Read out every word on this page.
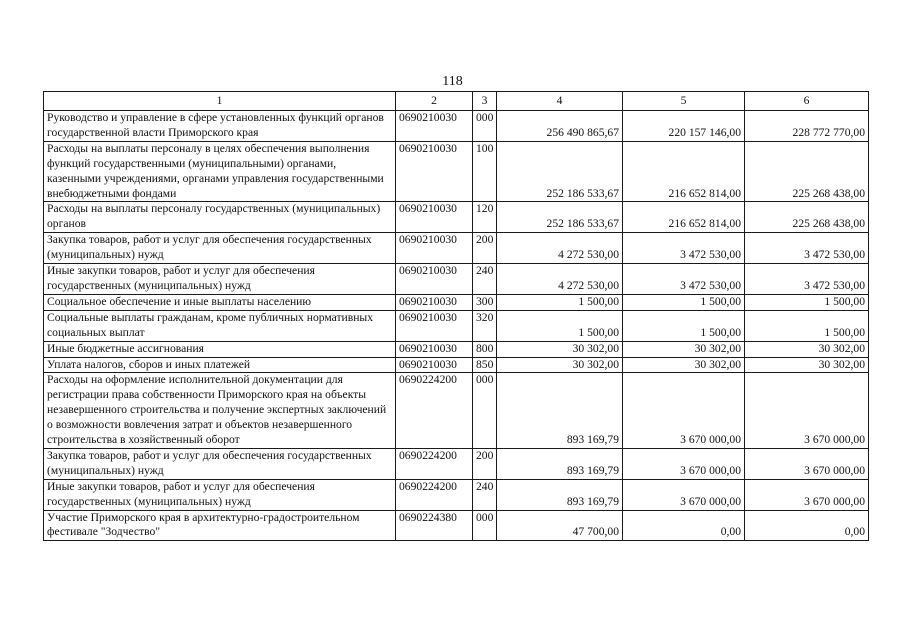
118
1	2	3	4	5	6
Руководство и управление в сфере установленных функций органов государственной власти Приморского края	0690210030	000	256 490 865,67	220 157 146,00	228 772 770,00
Расходы на выплаты персоналу в целях обеспечения выполнения функций государственными (муниципальными) органами, казенными учреждениями, органами управления государственными внебюджетными фондами	0690210030	100	252 186 533,67	216 652 814,00	225 268 438,00
Расходы на выплаты персоналу государственных (муниципальных) органов	0690210030	120	252 186 533,67	216 652 814,00	225 268 438,00
Закупка товаров, работ и услуг для обеспечения государственных (муниципальных) нужд	0690210030	200	4 272 530,00	3 472 530,00	3 472 530,00
Иные закупки товаров, работ и услуг для обеспечения государственных (муниципальных) нужд	0690210030	240	4 272 530,00	3 472 530,00	3 472 530,00
Социальное обеспечение и иные выплаты населению	0690210030	300	1 500,00	1 500,00	1 500,00
Социальные выплаты гражданам, кроме публичных нормативных социальных выплат	0690210030	320	1 500,00	1 500,00	1 500,00
Иные бюджетные ассигнования	0690210030	800	30 302,00	30 302,00	30 302,00
Уплата налогов, сборов и иных платежей	0690210030	850	30 302,00	30 302,00	30 302,00
Расходы на оформление исполнительной документации для регистрации права собственности Приморского края на объекты незавершенного строительства и получение экспертных заключений о возможности вовлечения затрат и объектов незавершенного строительства в хозяйственный оборот	0690224200	000	893 169,79	3 670 000,00	3 670 000,00
Закупка товаров, работ и услуг для обеспечения государственных (муниципальных) нужд	0690224200	200	893 169,79	3 670 000,00	3 670 000,00
Иные закупки товаров, работ и услуг для обеспечения государственных (муниципальных) нужд	0690224200	240	893 169,79	3 670 000,00	3 670 000,00
Участие Приморского края в архитектурно-градостроительном фестивале "Зодчество"	0690224380	000	47 700,00	0,00	0,00
